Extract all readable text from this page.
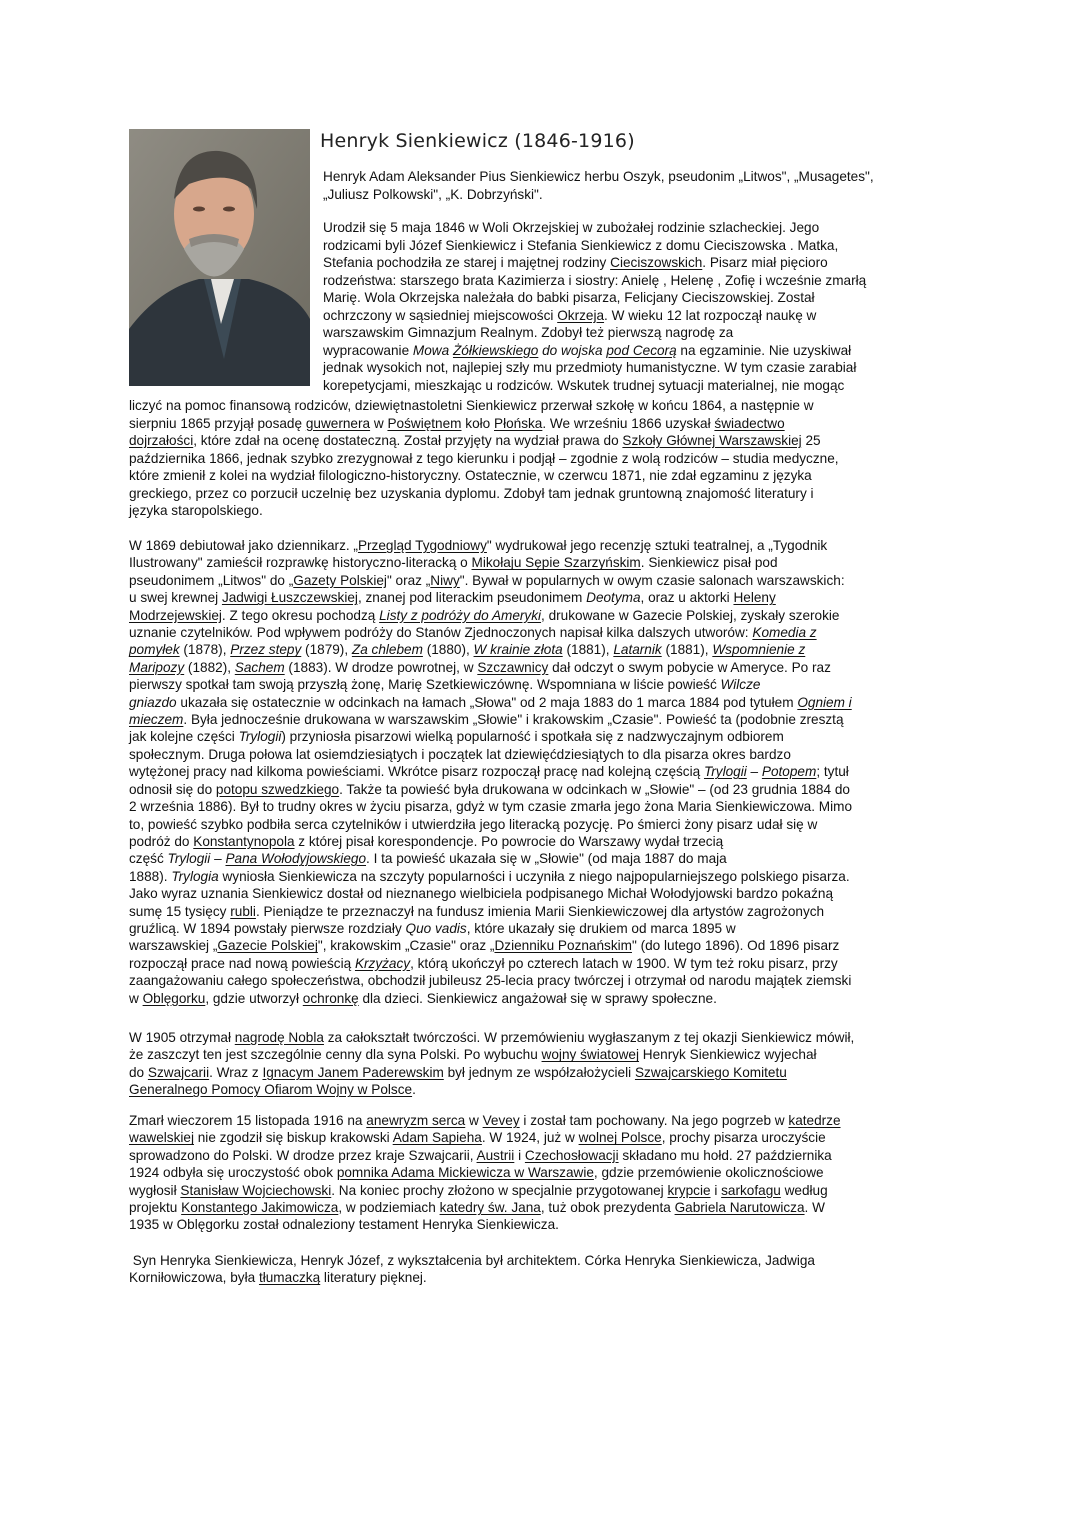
Henryk Sienkiewicz (1846-1916)
Henryk Adam Aleksander Pius Sienkiewicz herbu Oszyk, pseudonim „Litwos", „Musagetes",
„Juliusz Polkowski", „K. Dobrzyński".
Urodził się 5 maja 1846 w Woli Okrzejskiej w zubożałej rodzinie szlacheckiej. Jego
rodzicami byli Józef Sienkiewicz i Stefania Sienkiewicz z domu Cieciszowska . Matka,
Stefania pochodziła ze starej i majętnej rodziny Cieciszowskich. Pisarz miał pięcioro
rodzeństwa: starszego brata Kazimierza i siostry: Anielę , Helenę , Zofię i wcześnie zmarłą
Marię. Wola Okrzejska należała do babki pisarza, Felicjany Cieciszowskiej. Został
ochrzczony w sąsiedniej miejscowości Okrzeja. W wieku 12 lat rozpoczął naukę w
warszawskim Gimnazjum Realnym. Zdobył też pierwszą nagrodę za
wypracowanie Mowa Żółkiewskiego do wojska pod Cecorą na egzaminie. Nie uzyskiwał
jednak wysokich not, najlepiej szły mu przedmioty humanistyczne. W tym czasie zarabiał
korepetycjami, mieszkając u rodziców. Wskutek trudnej sytuacji materialnej, nie mogąc
liczyć na pomoc finansową rodziców, dziewiętnastoletni Sienkiewicz przerwał szkołę w końcu 1864, a następnie w
sierpniu 1865 przyjął posadę guwernera w Poświętnem koło Płońska. We wrześniu 1866 uzyskał świadectwo
dojrzałości, które zdał na ocenę dostateczną. Został przyjęty na wydział prawa do Szkoły Głównej Warszawskiej 25
października 1866, jednak szybko zrezygnował z tego kierunku i podjął – zgodnie z wolą rodziców – studia medyczne,
które zmienił z kolei na wydział filologiczno-historyczny. Ostatecznie, w czerwcu 1871, nie zdał egzaminu z języka
greckiego, przez co porzucił uczelnię bez uzyskania dyplomu. Zdobył tam jednak gruntowną znajomość literatury i
języka staropolskiego.
W 1869 debiutował jako dziennikarz. „Przegląd Tygodniowy" wydrukował jego recenzję sztuki teatralnej, a „Tygodnik
Ilustrowany" zamieścił rozprawkę historyczno-literacką o Mikołaju Sępie Szarzyńskim. Sienkiewicz pisał pod
pseudonimem „Litwos" do „Gazety Polskiej" oraz „Niwy". Bywał w popularnych w owym czasie salonach warszawskich:
u swej krewnej Jadwigi Łuszczewskiej, znanej pod literackim pseudonimem Deotyma, oraz u aktorki Heleny
Modrzejewskiej. Z tego okresu pochodzą Listy z podróży do Ameryki, drukowane w Gazecie Polskiej, zyskały szerokie
uznanie czytelników. Pod wpływem podróży do Stanów Zjednoczonych napisał kilka dalszych utworów: Komedia z
pomyłek (1878), Przez stepy (1879), Za chlebem (1880), W krainie złota (1881), Latarnik (1881), Wspomnienie z
Maripozy (1882), Sachem (1883). W drodze powrotnej, w Szczawnicy dał odczyt o swym pobycie w Ameryce. Po raz
pierwszy spotkał tam swoją przyszłą żonę, Marię Szetkiewiczównę. Wspomniana w liście powieść Wilcze
gniazdo ukazała się ostatecznie w odcinkach na łamach „Słowa" od 2 maja 1883 do 1 marca 1884 pod tytułem Ogniem i
mieczem. Była jednocześnie drukowana w warszawskim „Słowie" i krakowskim „Czasie". Powieść ta (podobnie zresztą
jak kolejne części Trylogii) przyniosła pisarzowi wielką popularność i spotkała się z nadzwyczajnym odbiorem
społecznym. Druga połowa lat osiemdziesiątych i początek lat dziewięćdziesiątych to dla pisarza okres bardzo
wytężonej pracy nad kilkoma powieściami. Wkrótce pisarz rozpoczął pracę nad kolejną częścią Trylogii – Potopem; tytuł
odnosił się do potopu szwedzkiego. Także ta powieść była drukowana w odcinkach w „Słowie" – (od 23 grudnia 1884 do
2 września 1886). Był to trudny okres w życiu pisarza, gdyż w tym czasie zmarła jego żona Maria Sienkiewiczowa. Mimo
to, powieść szybko podbiła serca czytelników i utwierdziła jego literacką pozycję. Po śmierci żony pisarz udał się w
podróż do Konstantynopola z której pisał korespondencje. Po powrocie do Warszawy wydał trzecią
część Trylogii – Pana Wołodyjowskiego. I ta powieść ukazała się w „Słowie" (od maja 1887 do maja
1888). Trylogia wyniosła Sienkiewicza na szczyty popularności i uczyniła z niego najpopularniejszego polskiego pisarza.
Jako wyraz uznania Sienkiewicz dostał od nieznanego wielbiciela podpisanego Michał Wołodyjowski bardzo pokaźną
sumę 15 tysięcy rubli. Pieniądze te przeznaczył na fundusz imienia Marii Sienkiewiczowej dla artystów zagrożonych
gruźlicą. W 1894 powstały pierwsze rozdziały Quo vadis, które ukazały się drukiem od marca 1895 w
warszawskiej „Gazecie Polskiej", krakowskim „Czasie" oraz „Dzienniku Poznańskim" (do lutego 1896). Od 1896 pisarz
rozpoczął prace nad nową powieścią Krzyżacy, którą ukończył po czterech latach w 1900. W tym też roku pisarz, przy
zaangażowaniu całego społeczeństwa, obchodził jubileusz 25-lecia pracy twórczej i otrzymał od narodu majątek ziemski
w Oblęgorku, gdzie utworzył ochronkę dla dzieci. Sienkiewicz angażował się w sprawy społeczne.
W 1905 otrzymał nagrodę Nobla za całokształt twórczości. W przemówieniu wygłaszanym z tej okazji Sienkiewicz mówił,
że zaszczyt ten jest szczególnie cenny dla syna Polski. Po wybuchu wojny światowej Henryk Sienkiewicz wyjechał
do Szwajcarii. Wraz z Ignacym Janem Paderewskim był jednym ze współzałożycieli Szwajcarskiego Komitetu
Generalnego Pomocy Ofiarom Wojny w Polsce.
Zmarł wieczorem 15 listopada 1916 na anewryzm serca w Vevey i został tam pochowany. Na jego pogrzeb w katedrze
wawelskiej nie zgodził się biskup krakowski Adam Sapieha. W 1924, już w wolnej Polsce, prochy pisarza uroczyście
sprowadzono do Polski. W drodze przez kraje Szwajcarii, Austrii i Czechosłowacji składano mu hołd. 27 października
1924 odbyła się uroczystość obok pomnika Adama Mickiewicza w Warszawie, gdzie przemówienie okolicznościowe
wygłosił Stanisław Wojciechowski. Na koniec prochy złożono w specjalnie przygotowanej krypcie i sarkofagu według
projektu Konstantego Jakimowicza, w podziemiach katedry św. Jana, tuż obok prezydenta Gabriela Narutowicza. W
1935 w Oblęgorku został odnaleziony testament Henryka Sienkiewicza.
Syn Henryka Sienkiewicza, Henryk Józef, z wykształcenia był architektem. Córka Henryka Sienkiewicza, Jadwiga
Korniłowiczowa, była tłumaczką literatury pięknej.
